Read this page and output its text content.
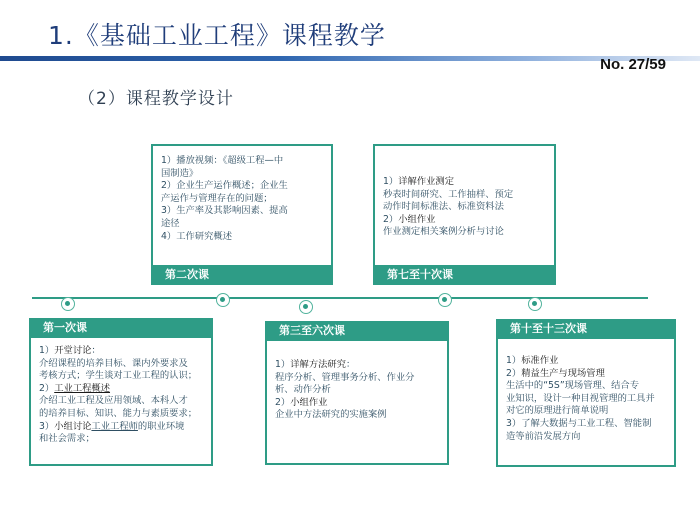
1.《基础工业工程》课程教学
No. 27/59
（2）课程教学设计
第一次课
1）开堂讨论：
介绍课程的培养目标、课内外要求及
考核方式；学生谈对工业工程的认识；
2）工业工程概述
介绍工业工程及应用领域、本科人才
的培养目标、知识、能力与素质要求；
3）小组讨论工业工程师的职业环境
和社会需求；
1）播放视频：《超级工程—中
国制造》
2）企业生产运作概述；企业生
产运作与管理存在的问题；
3）生产率及其影响因素、提高
途径
4）工作研究概述
第二次课
第三至六次课
1）详解方法研究：
程序分析、管理事务分析、作业分
析、动作分析
2）小组作业
企业中方法研究的实施案例
1）详解作业测定
秒表时间研究、工作抽样、预定
动作时间标准法、标准资料法
2）小组作业
作业测定相关案例分析与讨论
第七至十次课
第十至十三次课
1）标准作业
2）精益生产与现场管理
生活中的“5S”现场管理、结合专
业知识，设计一种目视管理的工具并
对它的原理进行简单说明
3）了解大数据与工业工程、智能制
造等前沿发展方向
